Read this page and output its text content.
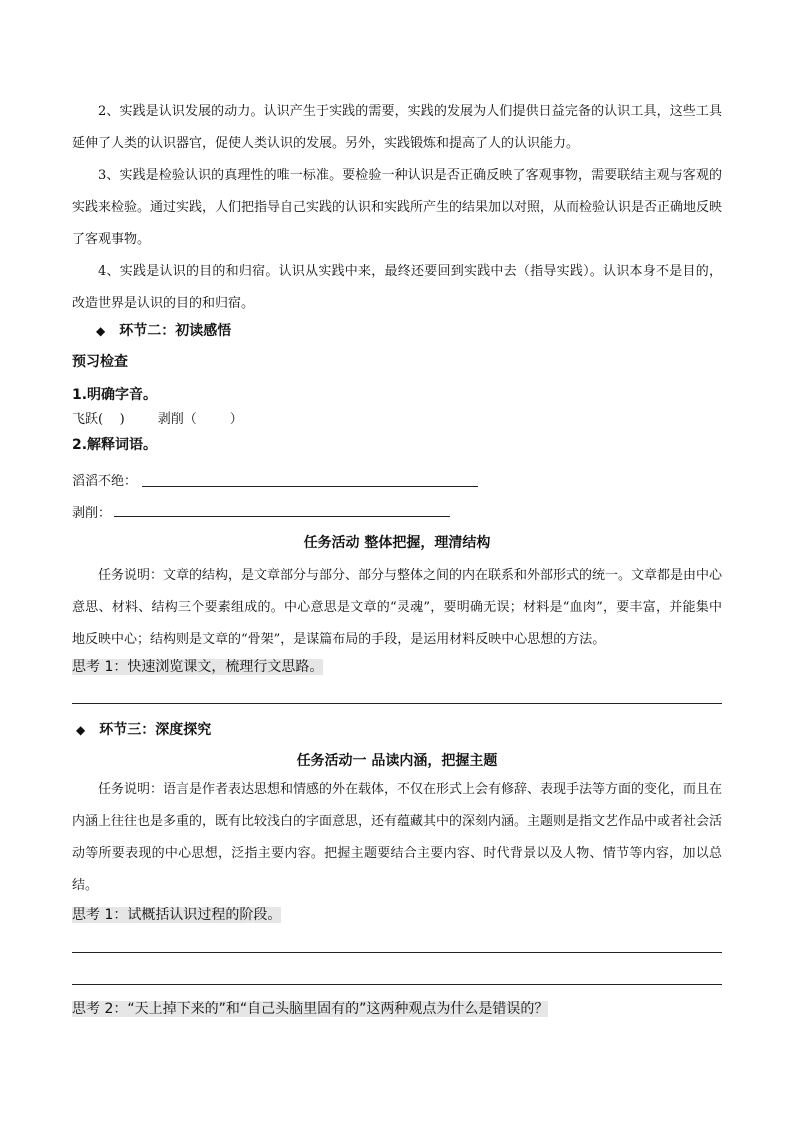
2、实践是认识发展的动力。认识产生于实践的需要，实践的发展为人们提供日益完备的认识工具，这些工具延伸了人类的认识器官，促使人类认识的发展。另外，实践锻炼和提高了人的认识能力。

3、实践是检验认识的真理性的唯一标准。要检验一种认识是否正确反映了客观事物，需要联结主观与客观的实践来检验。通过实践，人们把指导自己实践的认识和实践所产生的结果加以对照，从而检验认识是否正确地反映了客观事物。

4、实践是认识的目的和归宿。认识从实践中来，最终还要回到实践中去（指导实践）。认识本身不是目的，改造世界是认识的目的和归宿。

◆ 环节二：初读感悟
预习检查
1.明确字音。
飞跃(    )        剥削（        ）
2.解释词语。
滔滔不绝：
剥削：
任务活动 整体把握，理清结构

任务说明：文章的结构，是文章部分与部分、部分与整体之间的内在联系和外部形式的统一。文章都是由中心意思、材料、结构三个要素组成的。中心意思是文章的“灵魂”，要明确无误；材料是“血肉”，要丰富，并能集中地反映中心；结构则是文章的“骨架”，是谋篇布局的手段，是运用材料反映中心思想的方法。

思考 1：快速浏览课文，梳理行文思路。
◆ 环节三：深度探究
任务活动一 品读内涵，把握主题

任务说明：语言是作者表达思想和情感的外在载体，不仅在形式上会有修辞、表现手法等方面的变化，而且在内涵上往往也是多重的，既有比较浅白的字面意思，还有蕴藏其中的深刻内涵。主题则是指文艺作品中或者社会活动等所要表现的中心思想，泛指主要内容。把握主题要结合主要内容、时代背景以及人物、情节等内容，加以总结。

思考 1：试概括认识过程的阶段。
思考 2：“天上掉下来的”和“自己头脑里固有的”这两种观点为什么是错误的？
